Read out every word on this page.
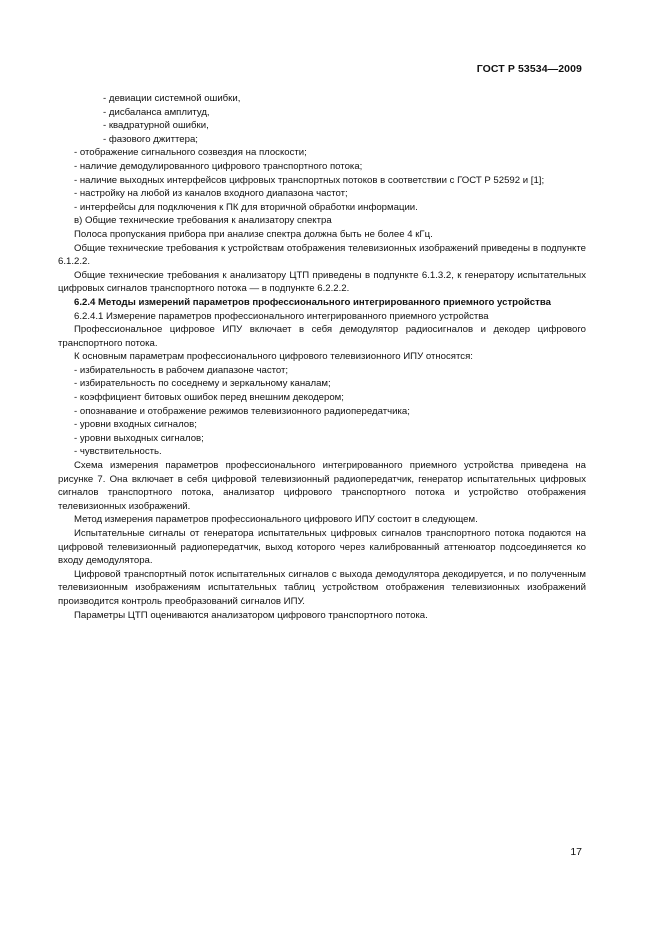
ГОСТ Р 53534—2009

- девиации системной ошибки,

- дисбаланса амплитуд,

- квадратурной ошибки,

- фазового джиттера;

- отображение сигнального созвездия на плоскости;

- наличие демодулированного цифрового транспортного потока;

- наличие выходных интерфейсов цифровых транспортных потоков в соответствии с ГОСТ Р 52592 и [1];

- настройку на любой из каналов входного диапазона частот;

- интерфейсы для подключения к ПК для вторичной обработки информации.

в) Общие технические требования к анализатору спектра

Полоса пропускания прибора при анализе спектра должна быть не более 4 кГц.

Общие технические требования к устройствам отображения телевизионных изображений приведены в подпункте 6.1.2.2.

Общие технические требования к анализатору ЦТП приведены в подпункте 6.1.3.2, к генератору испытательных цифровых сигналов транспортного потока — в подпункте 6.2.2.2.

6.2.4 Методы измерений параметров профессионального интегрированного приемного устройства

6.2.4.1 Измерение параметров профессионального интегрированного приемного устройства

Профессиональное цифровое ИПУ включает в себя демодулятор радиосигналов и декодер цифрового транспортного потока.

К основным параметрам профессионального цифрового телевизионного ИПУ относятся:

- избирательность в рабочем диапазоне частот;

- избирательность по соседнему и зеркальному каналам;

- коэффициент битовых ошибок перед внешним декодером;

- опознавание и отображение режимов телевизионного радиопередатчика;

- уровни входных сигналов;

- уровни выходных сигналов;

- чувствительность.

Схема измерения параметров профессионального интегрированного приемного устройства приведена на рисунке 7. Она включает в себя цифровой телевизионный радиопередатчик, генератор испытательных цифровых сигналов транспортного потока, анализатор цифрового транспортного потока и устройство отображения телевизионных изображений.

Метод измерения параметров профессионального цифрового ИПУ состоит в следующем.

Испытательные сигналы от генератора испытательных цифровых сигналов транспортного потока подаются на цифровой телевизионный радиопередатчик, выход которого через калиброванный аттенюатор подсоединяется ко входу демодулятора.

Цифровой транспортный поток испытательных сигналов с выхода демодулятора декодируется, и по полученным телевизионным изображениям испытательных таблиц устройством отображения телевизионных изображений производится контроль преобразований сигналов ИПУ.

Параметры ЦТП оцениваются анализатором цифрового транспортного потока.

17
